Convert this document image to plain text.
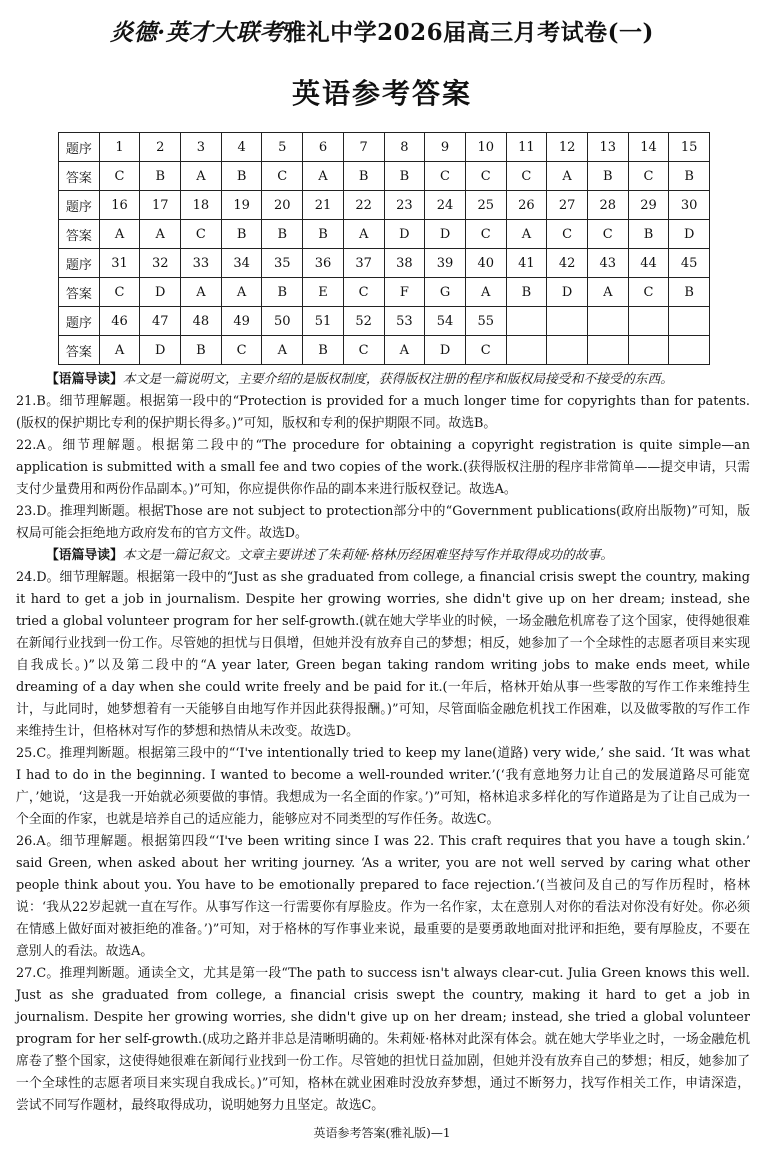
炎德·英才大联考雅礼中学2026届高三月考试卷(一)
英语参考答案
题序	1	2	3	4	5	6	7	8	9	10	11	12	13	14	15
答案	C	B	A	B	C	A	B	B	C	C	C	A	B	C	B
题序	16	17	18	19	20	21	22	23	24	25	26	27	28	29	30
答案	A	A	C	B	B	B	A	D	D	C	A	C	C	B	D
题序	31	32	33	34	35	36	37	38	39	40	41	42	43	44	45
答案	C	D	A	A	B	E	C	F	G	A	B	D	A	C	B
题序	46	47	48	49	50	51	52	53	54	55					
答案	A	D	B	C	A	B	C	A	D	C					

【语篇导读】本文是一篇说明文，主要介绍的是版权制度，获得版权注册的程序和版权局接受和不接受的东西。

21.B。细节理解题。根据第一段中的“Protection is provided for a much longer time for copyrights than for patents.(版权的保护期比专利的保护期长得多。)”可知，版权和专利的保护期限不同。故选B。

22.A。细节理解题。根据第二段中的“The procedure for obtaining a copyright registration is quite simple—an application is submitted with a small fee and two copies of the work.(获得版权注册的程序非常简单——提交申请，只需支付少量费用和两份作品副本。)”可知，你应提供你作品的副本来进行版权登记。故选A。

23.D。推理判断题。根据Those are not subject to protection部分中的“Government publications(政府出版物)”可知，版权局可能会拒绝地方政府发布的官方文件。故选D。

【语篇导读】本文是一篇记叙文。文章主要讲述了朱莉娅·格林历经困难坚持写作并取得成功的故事。

24.D。细节理解题。根据第一段中的“Just as she graduated from college, a financial crisis swept the country, making it hard to get a job in journalism. Despite her growing worries, she didn't give up on her dream; instead, she tried a global volunteer program for her self-growth.(就在她大学毕业的时候，一场金融危机席卷了这个国家，使得她很难在新闻行业找到一份工作。尽管她的担忧与日俱增，但她并没有放弃自己的梦想；相反，她参加了一个全球性的志愿者项目来实现自我成长。)”以及第二段中的“A year later, Green began taking random writing jobs to make ends meet, while dreaming of a day when she could write freely and be paid for it.(一年后，格林开始从事一些零散的写作工作来维持生计，与此同时，她梦想着有一天能够自由地写作并因此获得报酬。)”可知，尽管面临金融危机找工作困难，以及做零散的写作工作来维持生计，但格林对写作的梦想和热情从未改变。故选D。

25.C。推理判断题。根据第三段中的“‘I've intentionally tried to keep my lane(道路) very wide,’ she said. ‘It was what I had to do in the beginning. I wanted to become a well-rounded writer.’(‘我有意地努力让自己的发展道路尽可能宽广，’她说，‘这是我一开始就必须要做的事情。我想成为一名全面的作家。’)”可知，格林追求多样化的写作道路是为了让自己成为一个全面的作家，也就是培养自己的适应能力，能够应对不同类型的写作任务。故选C。

26.A。细节理解题。根据第四段“‘I've been writing since I was 22. This craft requires that you have a tough skin.’ said Green, when asked about her writing journey. ‘As a writer, you are not well served by caring what other people think about you. You have to be emotionally prepared to face rejection.’(当被问及自己的写作历程时，格林说：‘我从22岁起就一直在写作。从事写作这一行需要你有厚脸皮。作为一名作家，太在意别人对你的看法对你没有好处。你必须在情感上做好面对被拒绝的准备。’)”可知，对于格林的写作事业来说，最重要的是要勇敢地面对批评和拒绝，要有厚脸皮，不要在意别人的看法。故选A。

27.C。推理判断题。通读全文，尤其是第一段“The path to success isn't always clear-cut. Julia Green knows this well. Just as she graduated from college, a financial crisis swept the country, making it hard to get a job in journalism. Despite her growing worries, she didn't give up on her dream; instead, she tried a global volunteer program for her self-growth.(成功之路并非总是清晰明确的。朱莉娅·格林对此深有体会。就在她大学毕业之时，一场金融危机席卷了整个国家，这使得她很难在新闻行业找到一份工作。尽管她的担忧日益加剧，但她并没有放弃自己的梦想；相反，她参加了一个全球性的志愿者项目来实现自我成长。)”可知，格林在就业困难时没放弃梦想，通过不断努力，找写作相关工作，申请深造，尝试不同写作题材，最终取得成功，说明她努力且坚定。故选C。

英语参考答案(雅礼版)—1
